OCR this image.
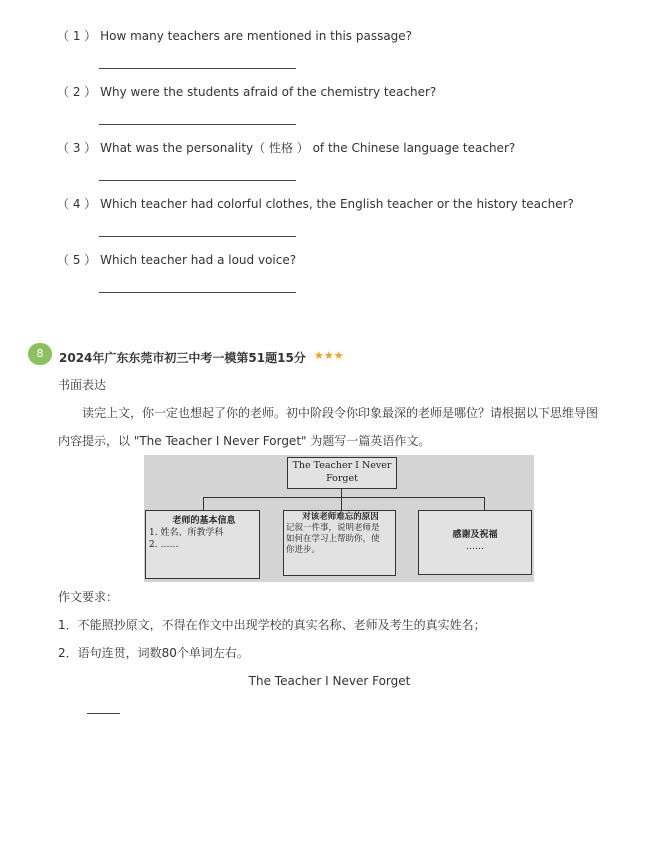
（ 1 ） How many teachers are mentioned in this passage?
（ 2 ） Why were the students afraid of the chemistry teacher?
（ 3 ） What was the personality（ 性格 ） of the Chinese language teacher?
（ 4 ） Which teacher had colorful clothes, the English teacher or the history teacher?
（ 5 ） Which teacher had a loud voice?
8	2024年广东东莞市初三中考一模第51题15分 ★★★
书面表达
读完上文，你一定也想起了你的老师。初中阶段令你印象最深的老师是哪位？请根据以下思维导图
内容提示，以 "The Teacher I Never Forget" 为题写一篇英语作文。
The Teacher I Never
Forget
老师的基本信息
1. 姓名、所教学科
2. ……
对该老师难忘的原因
记叙一件事，说明老师是
如何在学习上帮助你，使
你进步。
感谢及祝福
……
作文要求：
1．不能照抄原文，不得在作文中出现学校的真实名称、老师及考生的真实姓名；
2．语句连贯，词数80个单词左右。
The Teacher I Never Forget
